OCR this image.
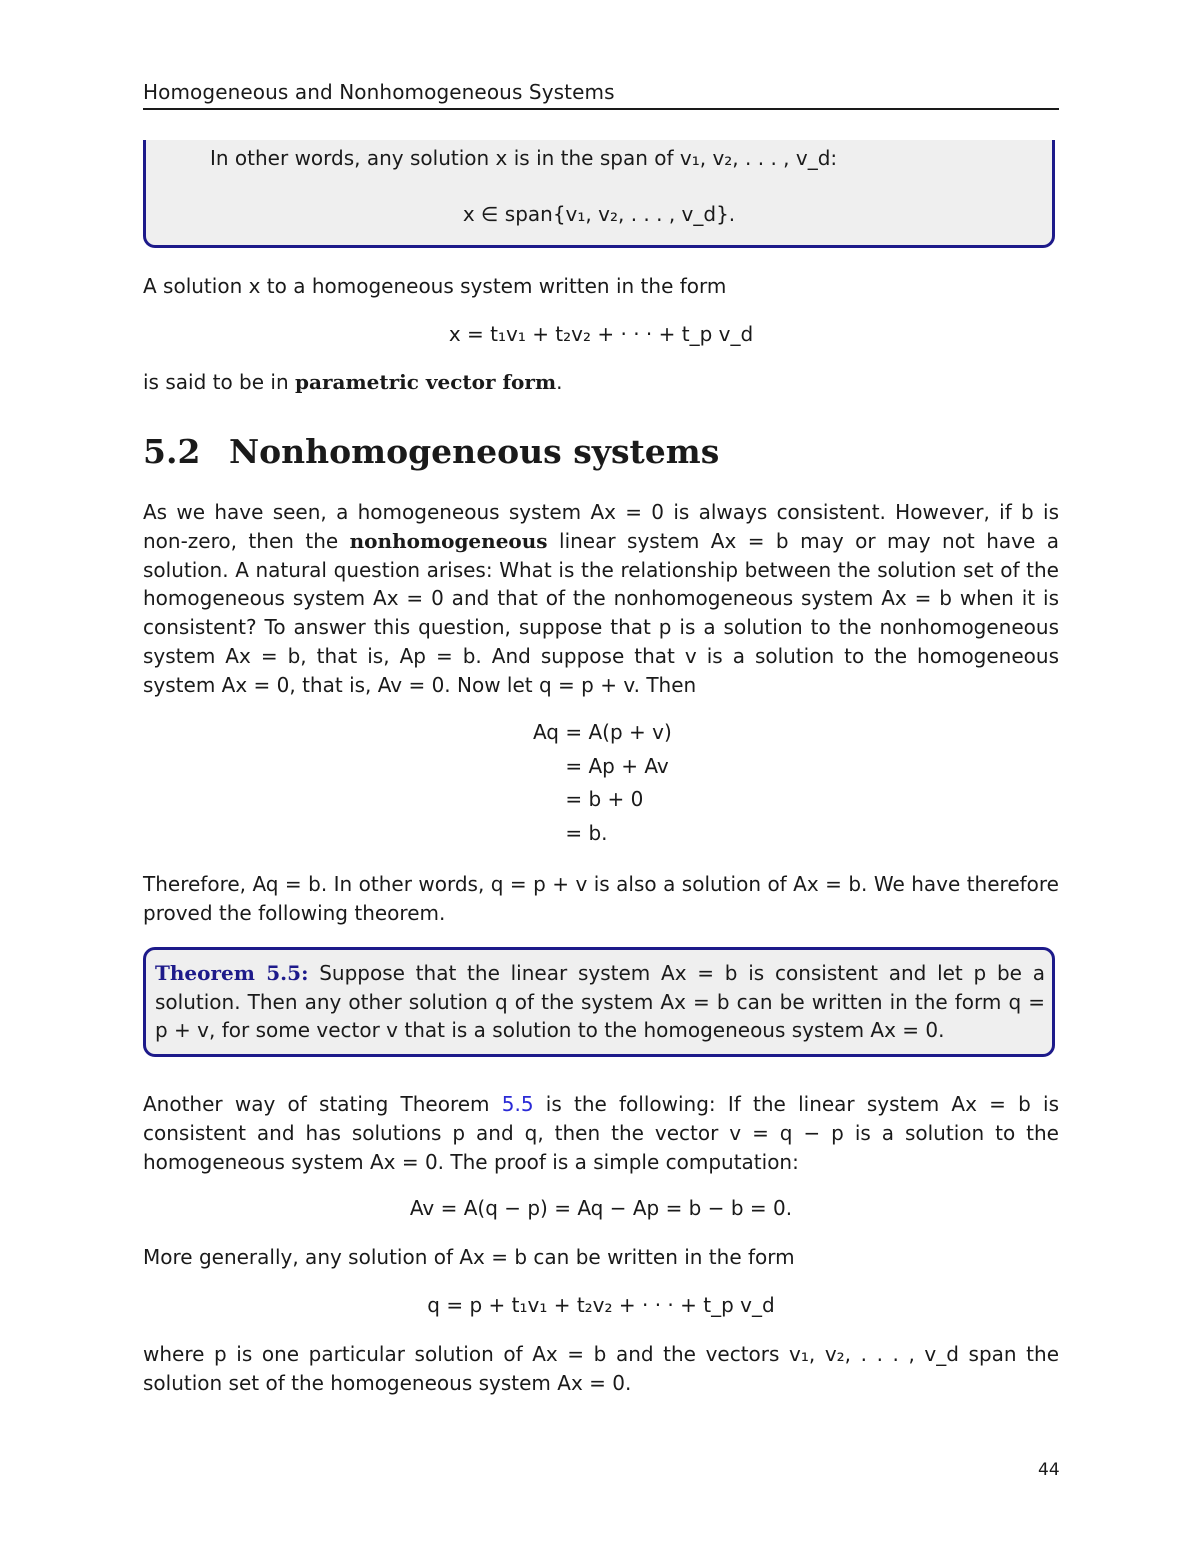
Homogeneous and Nonhomogeneous Systems
In other words, any solution x is in the span of v₁, v₂, . . . , v_d:
x ∈ span{v₁, v₂, . . . , v_d}.
A solution x to a homogeneous system written in the form
x = t₁v₁ + t₂v₂ + · · · + t_p v_d
is said to be in parametric vector form.
5.2 Nonhomogeneous systems
As we have seen, a homogeneous system Ax = 0 is always consistent. However, if b is non-zero, then the nonhomogeneous linear system Ax = b may or may not have a solution. A natural question arises: What is the relationship between the solution set of the homogeneous system Ax = 0 and that of the nonhomogeneous system Ax = b when it is consistent? To answer this question, suppose that p is a solution to the nonhomogeneous system Ax = b, that is, Ap = b. And suppose that v is a solution to the homogeneous system Ax = 0, that is, Av = 0. Now let q = p + v. Then
Aq = A(p + v)
= Ap + Av
= b + 0
= b.
Therefore, Aq = b. In other words, q = p + v is also a solution of Ax = b. We have therefore proved the following theorem.
Theorem 5.5: Suppose that the linear system Ax = b is consistent and let p be a solution. Then any other solution q of the system Ax = b can be written in the form q = p + v, for some vector v that is a solution to the homogeneous system Ax = 0.
Another way of stating Theorem 5.5 is the following: If the linear system Ax = b is consistent and has solutions p and q, then the vector v = q − p is a solution to the homogeneous system Ax = 0. The proof is a simple computation:
Av = A(q − p) = Aq − Ap = b − b = 0.
More generally, any solution of Ax = b can be written in the form
q = p + t₁v₁ + t₂v₂ + · · · + t_p v_d
where p is one particular solution of Ax = b and the vectors v₁, v₂, . . . , v_d span the solution set of the homogeneous system Ax = 0.
44
